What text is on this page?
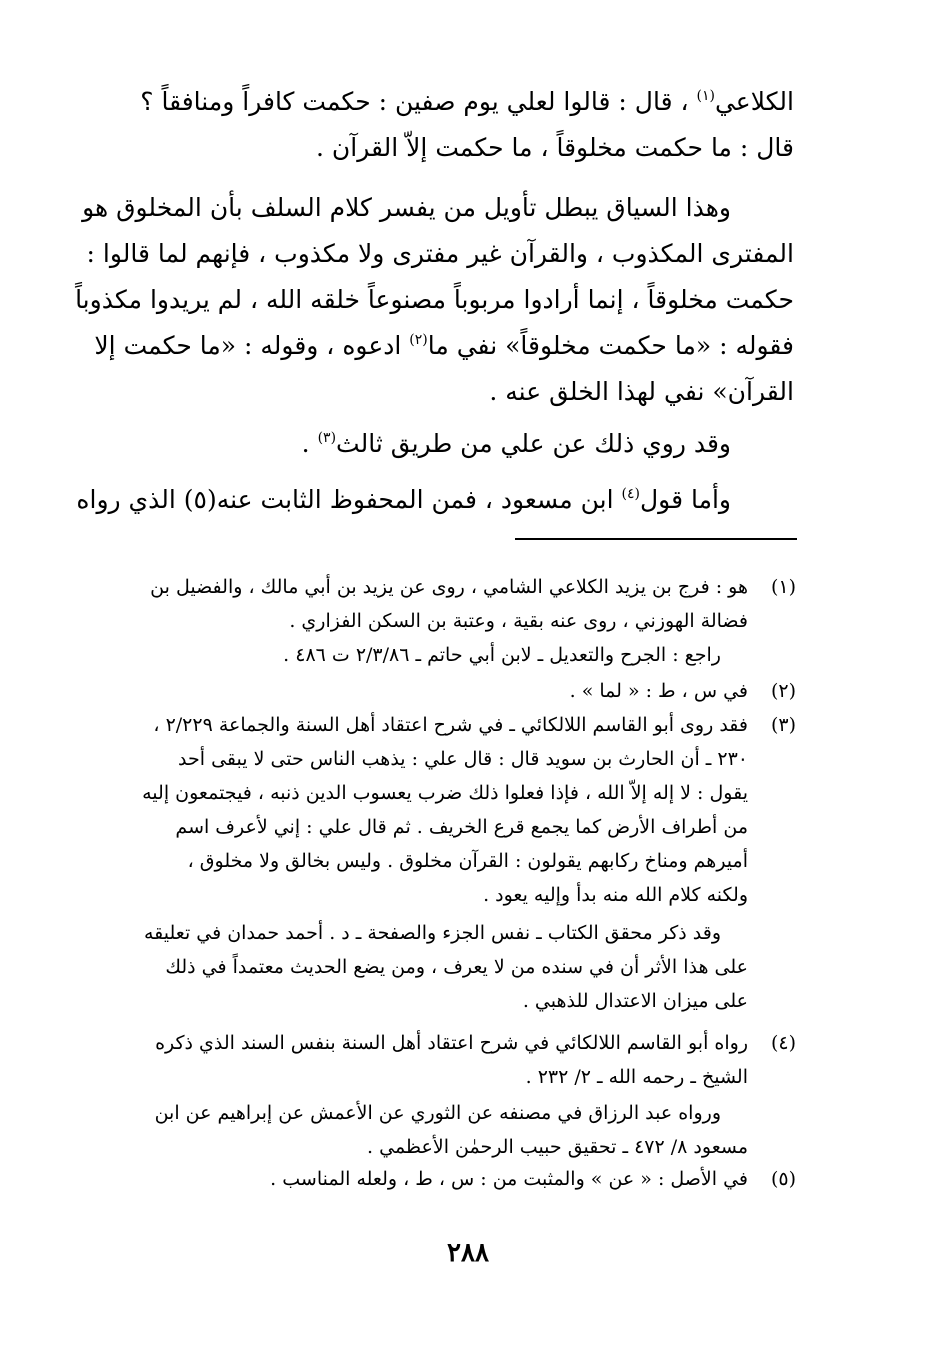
الكلاعي$^{(١)}$ ، قال : قالوا لعلي يوم صفين : حكمت كافراً ومنافقاً ؟
قال : ما حكمت مخلوقاً ، ما حكمت إلاّ القرآن .
وهذا السياق يبطل تأويل من يفسر كلام السلف بأن المخلوق هو
المفترى المكذوب ، والقرآن غير مفترى ولا مكذوب ، فإنهم لما قالوا :
حكمت مخلوقاً ، إنما أرادوا مربوباً مصنوعاً خلقه الله ، لم يريدوا مكذوباً
فقوله : «ما حكمت مخلوقاً» نفي ما$^{(٢)}$ ادعوه ، وقوله : «ما حكمت إلا
القرآن» نفي لهذا الخلق عنه .
وقد روي ذلك عن علي من طريق ثالث$^{(٣)}$ .
وأما قول$^{(٤)}$ ابن مسعود ، فمن المحفوظ الثابت عنه(٥) الذي رواه
(١)
(٢)
(٣)
(٤)
(٥)
هو : فرج بن يزيد الكلاعي الشامي ، روى عن يزيد بن أبي مالك ، والفضيل بن
فضالة الهوزني ، روى عنه بقية ، وعتبة بن السكن الفزاري .
راجع : الجرح والتعديل ـ لابن أبي حاتم ـ ٢/٣/٨٦ ت ٤٨٦ .
في س ، ط : « لما » .
فقد روى أبو القاسم اللالكائي ـ في شرح اعتقاد أهل السنة والجماعة ٢/٢٢٩ ،
٢٣٠ ـ أن الحارث بن سويد قال : قال علي : يذهب الناس حتى لا يبقى أحد
يقول : لا إله إلاّ الله ، فإذا فعلوا ذلك ضرب يعسوب الدين ذنبه ، فيجتمعون إليه
من أطراف الأرض كما يجمع قرع الخريف . ثم قال علي : إني لأعرف اسم
أميرهم ومناخ ركابهم يقولون : القرآن مخلوق . وليس بخالق ولا مخلوق ،
ولكنه كلام الله منه بدأ وإليه يعود .
وقد ذكر محقق الكتاب ـ نفس الجزء والصفحة ـ د . أحمد حمدان في تعليقه
على هذا الأثر أن في سنده من لا يعرف ، ومن يضع الحديث معتمداً في ذلك
على ميزان الاعتدال للذهبي .
رواه أبو القاسم اللالكائي في شرح اعتقاد أهل السنة بنفس السند الذي ذكره
الشيخ ـ رحمه الله ـ ٢/ ٢٣٢ .
ورواه عبد الرزاق في مصنفه عن الثوري عن الأعمش عن إبراهيم عن ابن
مسعود ٨/ ٤٧٢ ـ تحقيق حبيب الرحمٰن الأعظمي .
في الأصل : « عن » والمثبت من : س ، ط ، ولعله المناسب .
٢٨٨
